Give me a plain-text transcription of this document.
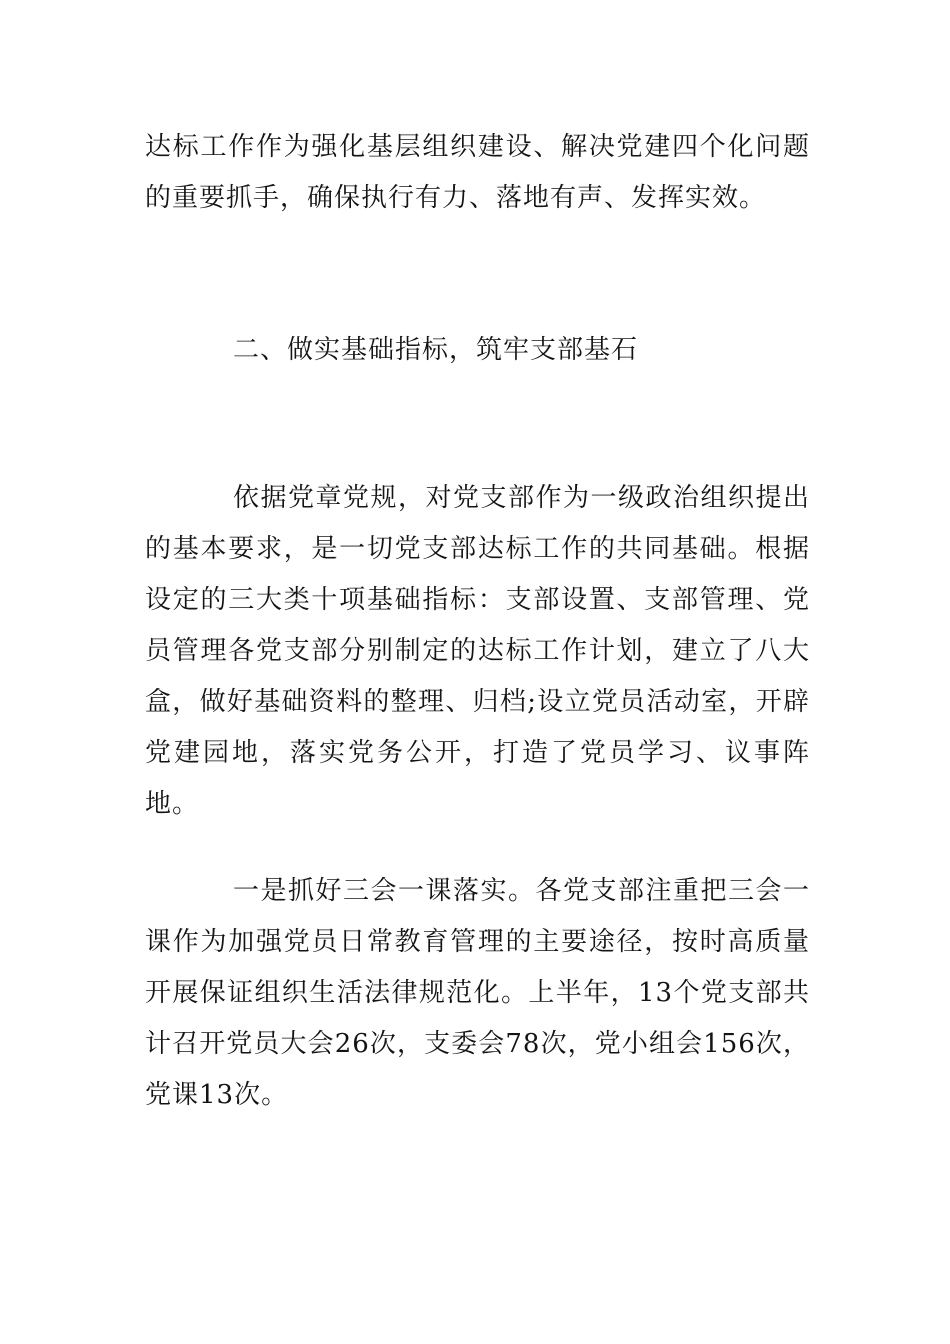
达标工作作为强化基层组织建设、解决党建四个化问题的重要抓手，确保执行有力、落地有声、发挥实效。

二、做实基础指标，筑牢支部基石

依据党章党规，对党支部作为一级政治组织提出的基本要求，是一切党支部达标工作的共同基础。根据设定的三大类十项基础指标：支部设置、支部管理、党员管理各党支部分别制定的达标工作计划，建立了八大盒，做好基础资料的整理、归档;设立党员活动室，开辟党建园地，落实党务公开，打造了党员学习、议事阵地。

一是抓好三会一课落实。各党支部注重把三会一课作为加强党员日常教育管理的主要途径，按时高质量开展保证组织生活法律规范化。上半年，13个党支部共计召开党员大会26次，支委会78次，党小组会156次，党课13次。
